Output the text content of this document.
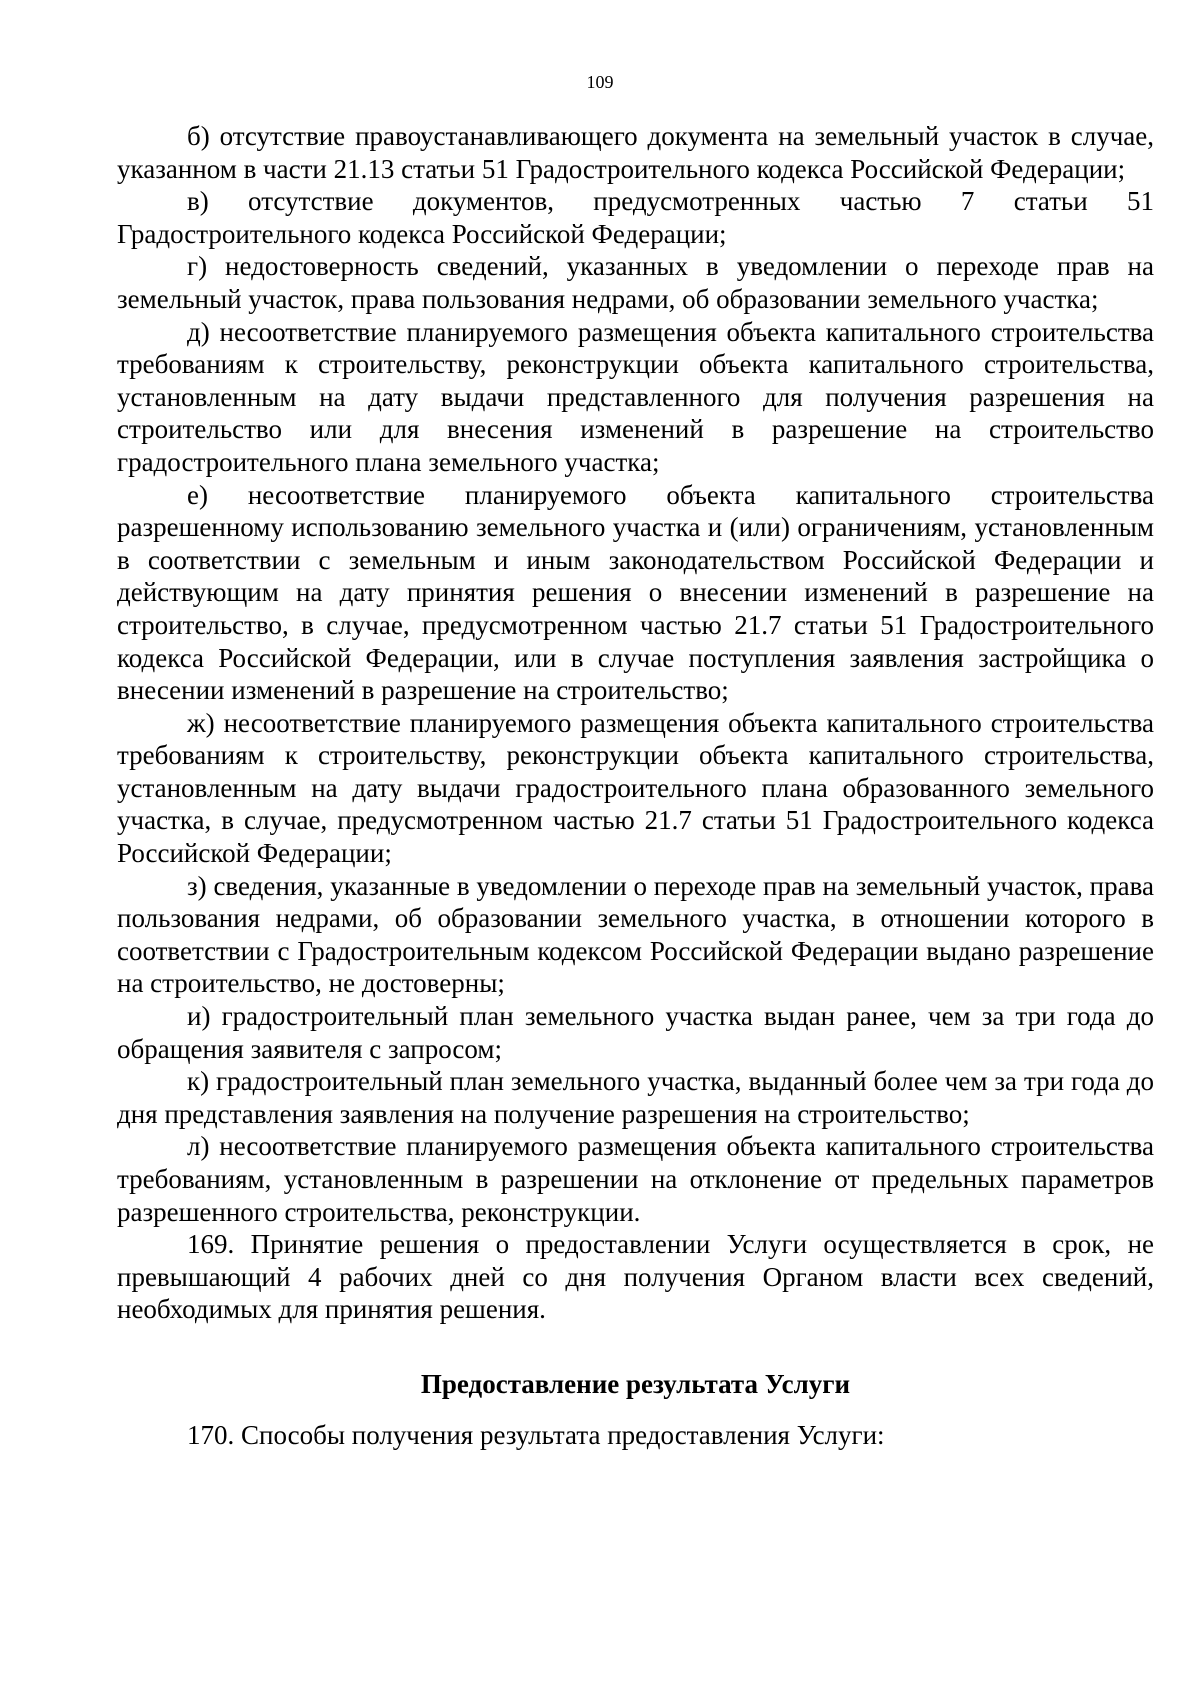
109

б) отсутствие правоустанавливающего документа на земельный участок в случае, указанном в части 21.13 статьи 51 Градостроительного кодекса Российской Федерации;

в) отсутствие документов, предусмотренных частью 7 статьи 51 Градостроительного кодекса Российской Федерации;

г) недостоверность сведений, указанных в уведомлении о переходе прав на земельный участок, права пользования недрами, об образовании земельного участка;

д) несоответствие планируемого размещения объекта капитального строительства требованиям к строительству, реконструкции объекта капитального строительства, установленным на дату выдачи представленного для получения разрешения на строительство или для внесения изменений в разрешение на строительство градостроительного плана земельного участка;

е) несоответствие планируемого объекта капитального строительства разрешенному использованию земельного участка и (или) ограничениям, установленным в соответствии с земельным и иным законодательством Российской Федерации и действующим на дату принятия решения о внесении изменений в разрешение на строительство, в случае, предусмотренном частью 21.7 статьи 51 Градостроительного кодекса Российской Федерации, или в случае поступления заявления застройщика о внесении изменений в разрешение на строительство;

ж) несоответствие планируемого размещения объекта капитального строительства требованиям к строительству, реконструкции объекта капитального строительства, установленным на дату выдачи градостроительного плана образованного земельного участка, в случае, предусмотренном частью 21.7 статьи 51 Градостроительного кодекса Российской Федерации;

з) сведения, указанные в уведомлении о переходе прав на земельный участок, права пользования недрами, об образовании земельного участка, в отношении которого в соответствии с Градостроительным кодексом Российской Федерации выдано разрешение на строительство, не достоверны;

и) градостроительный план земельного участка выдан ранее, чем за три года до обращения заявителя с запросом;

к) градостроительный план земельного участка, выданный более чем за три года до дня представления заявления на получение разрешения на строительство;

л) несоответствие планируемого размещения объекта капитального строительства требованиям, установленным в разрешении на отклонение от предельных параметров разрешенного строительства, реконструкции.

169. Принятие решения о предоставлении Услуги осуществляется в срок, не превышающий 4 рабочих дней со дня получения Органом власти всех сведений, необходимых для принятия решения.

Предоставление результата Услуги

170. Способы получения результата предоставления Услуги:
